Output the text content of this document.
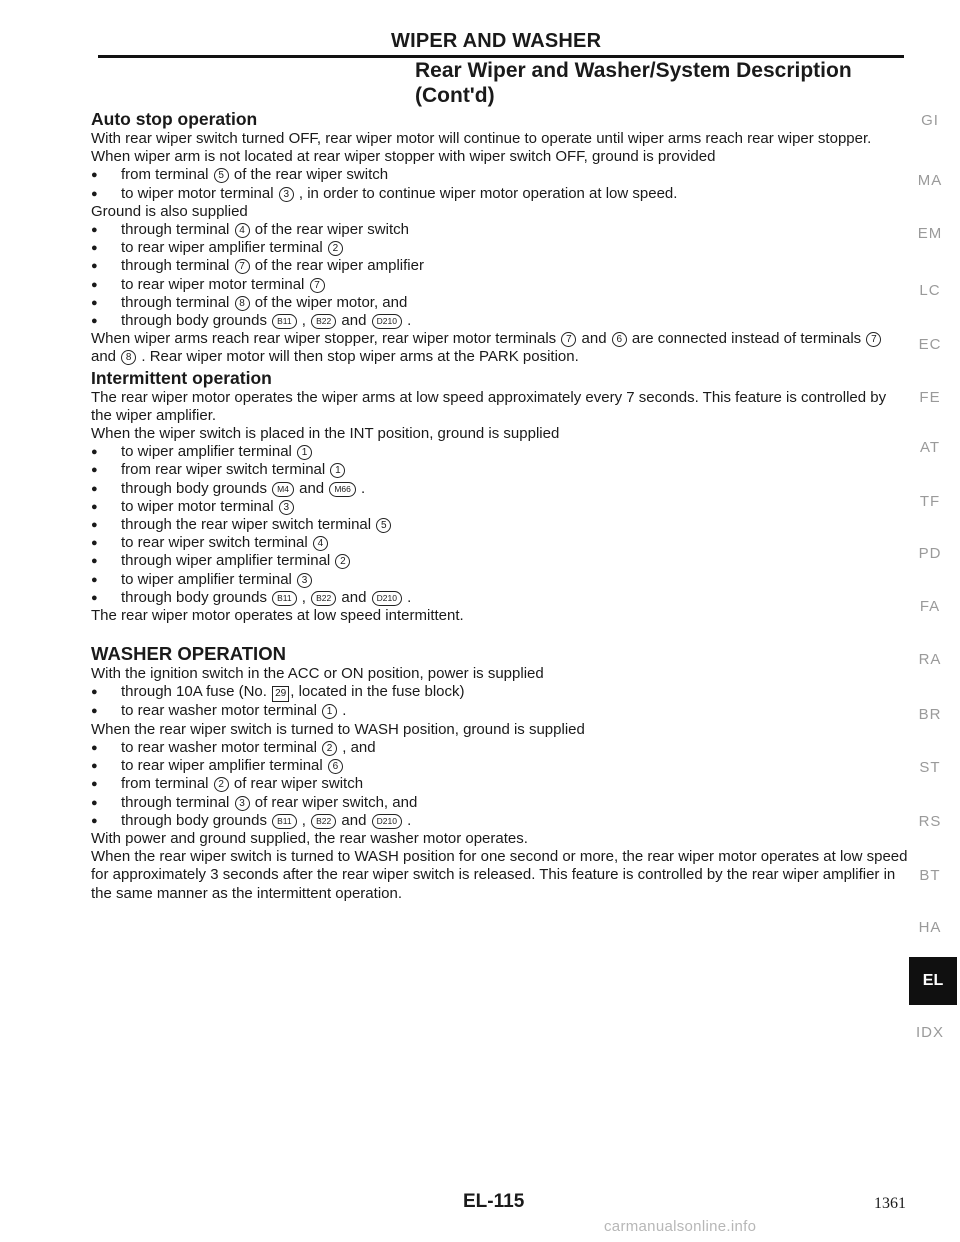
WIPER AND WASHER
Rear Wiper and Washer/System Description
(Cont'd)
Auto stop operation
With rear wiper switch turned OFF, rear wiper motor will continue to operate until wiper arms reach rear wiper stopper.
When wiper arm is not located at rear wiper stopper with wiper switch OFF, ground is provided
● from terminal 5 of the rear wiper switch
● to wiper motor terminal 3 , in order to continue wiper motor operation at low speed.
Ground is also supplied
● through terminal 4 of the rear wiper switch
● to rear wiper amplifier terminal 2
● through terminal 7 of the rear wiper amplifier
● to rear wiper motor terminal 7
● through terminal 8 of the wiper motor, and
● through body grounds B11 , B22 and D210 .
When wiper arms reach rear wiper stopper, rear wiper motor terminals 7 and 6 are connected instead of terminals 7 and 8 . Rear wiper motor will then stop wiper arms at the PARK position.
Intermittent operation
The rear wiper motor operates the wiper arms at low speed approximately every 7 seconds. This feature is controlled by the wiper amplifier.
When the wiper switch is placed in the INT position, ground is supplied
● to wiper amplifier terminal 1
● from rear wiper switch terminal 1
● through body grounds M4 and M66 .
● to wiper motor terminal 3
● through the rear wiper switch terminal 5
● to rear wiper switch terminal 4
● through wiper amplifier terminal 2
● to wiper amplifier terminal 3
● through body grounds B11 , B22 and D210 .
The rear wiper motor operates at low speed intermittent.
WASHER OPERATION
With the ignition switch in the ACC or ON position, power is supplied
● through 10A fuse (No. 29 , located in the fuse block)
● to rear washer motor terminal 1 .
When the rear wiper switch is turned to WASH position, ground is supplied
● to rear washer motor terminal 2 , and
● to rear wiper amplifier terminal 6
● from terminal 2 of rear wiper switch
● through terminal 3 of rear wiper switch, and
● through body grounds B11 , B22 and D210 .
With power and ground supplied, the rear washer motor operates.
When the rear wiper switch is turned to WASH position for one second or more, the rear wiper motor operates at low speed for approximately 3 seconds after the rear wiper switch is released. This feature is controlled by the rear wiper amplifier in the same manner as the intermittent operation.
GI
MA
EM
LC
EC
FE
AT
TF
PD
FA
RA
BR
ST
RS
BT
HA
EL
IDX
EL-115	1361
carmanualsonline.info
